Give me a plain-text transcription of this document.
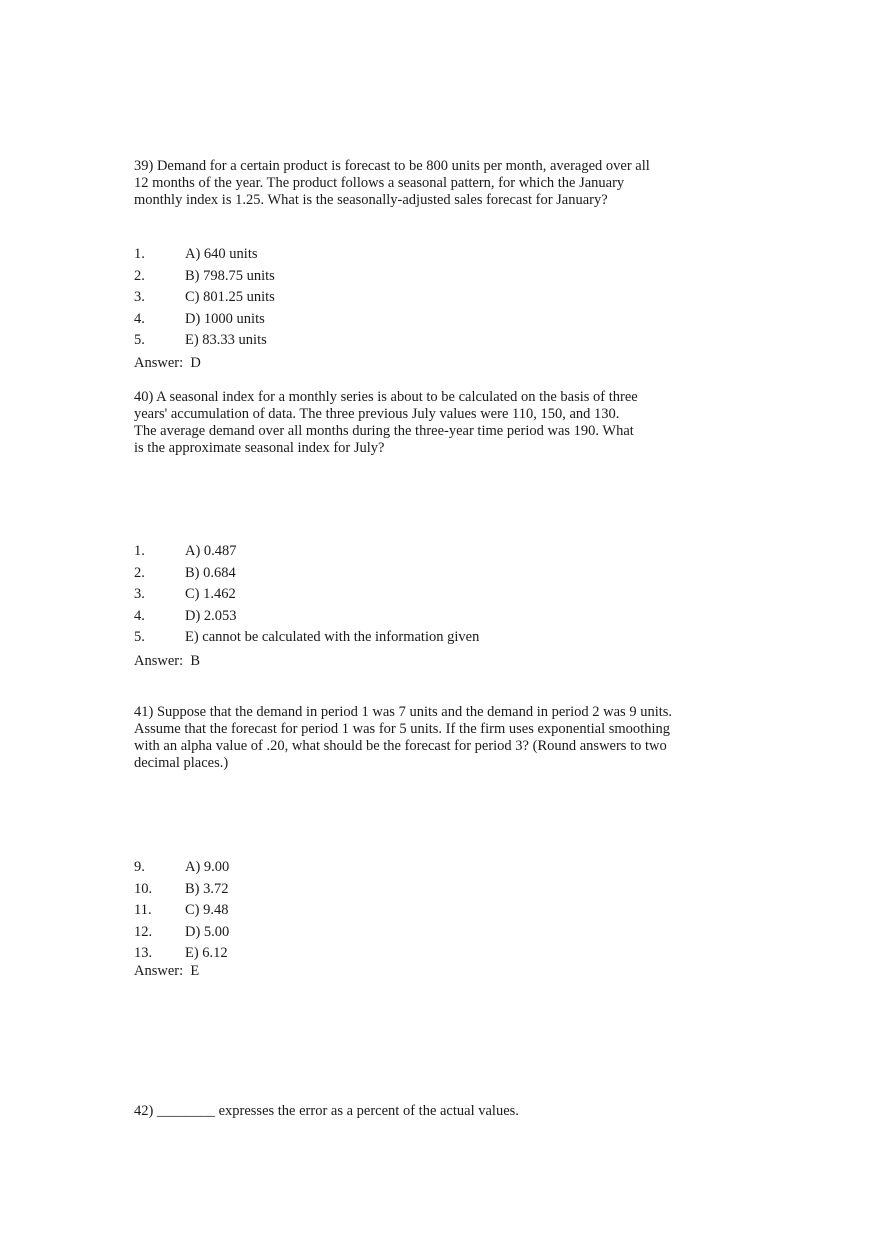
39) Demand for a certain product is forecast to be 800 units per month, averaged over all
12 months of the year. The product follows a seasonal pattern, for which the January
monthly index is 1.25. What is the seasonally-adjusted sales forecast for January?

1.	A) 640 units
2.	B) 798.75 units
3.	C) 801.25 units
4.	D) 1000 units
5.	E) 83.33 units
Answer:  D

40) A seasonal index for a monthly series is about to be calculated on the basis of three
years' accumulation of data. The three previous July values were 110, 150, and 130.
The average demand over all months during the three-year time period was 190. What
is the approximate seasonal index for July?

1.	A) 0.487
2.	B) 0.684
3.	C) 1.462
4.	D) 2.053
5.	E) cannot be calculated with the information given
Answer:  B

41) Suppose that the demand in period 1 was 7 units and the demand in period 2 was 9 units.
Assume that the forecast for period 1 was for 5 units. If the firm uses exponential smoothing
with an alpha value of .20, what should be the forecast for period 3? (Round answers to two
decimal places.)

9.	A) 9.00
10. B) 3.72
11. C) 9.48
12. D) 5.00
13. E) 6.12
Answer:  E

42) ________ expresses the error as a percent of the actual values.
